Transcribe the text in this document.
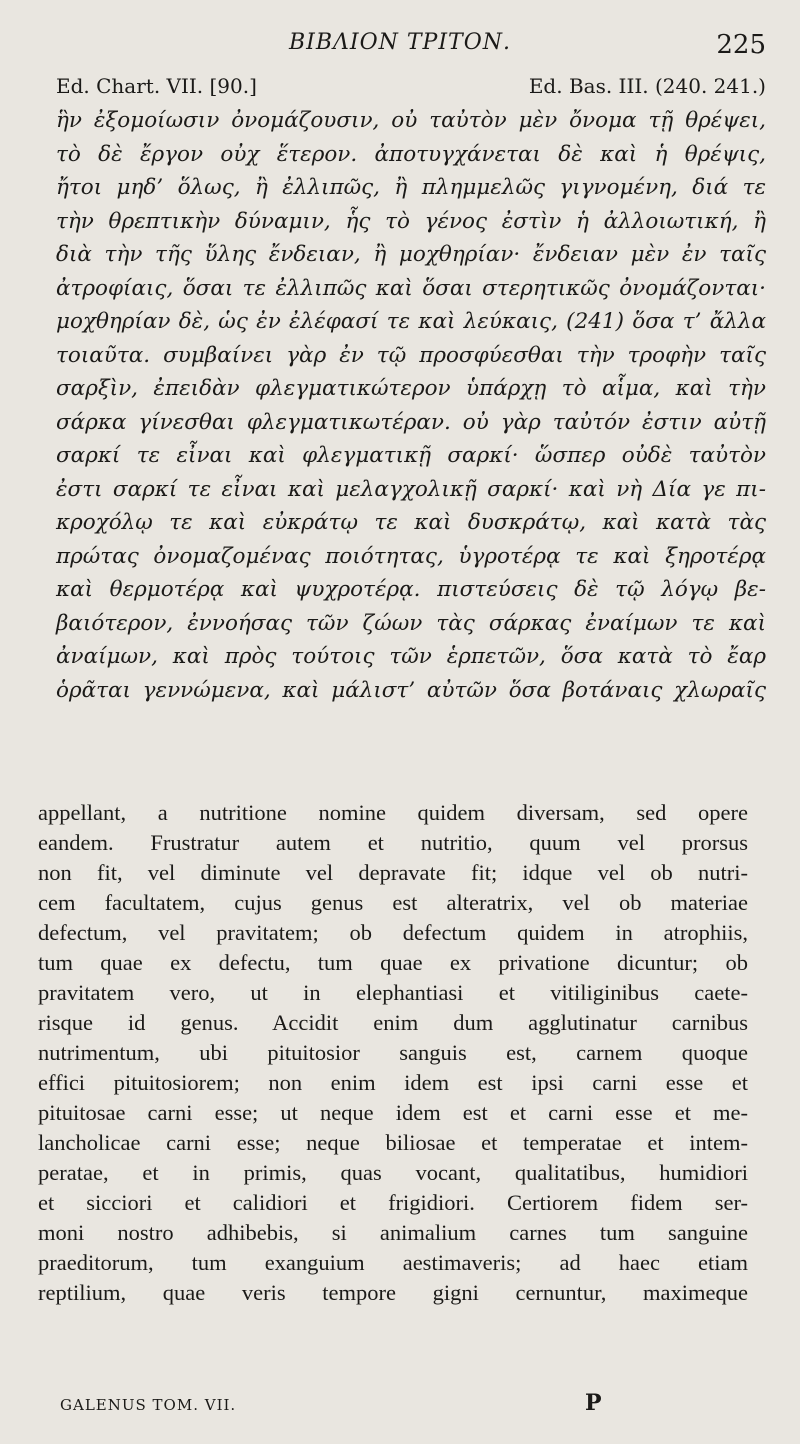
ΒΙΒΛΙΟΝ ΤΡΙΤΟΝ.	225
Ed. Chart. VII. [90.]	Ed. Bas. III. (240. 241.)
ἣν ἐξομοίωσιν ὀνομάζουσιν, οὐ ταὐτὸν μὲν ὄνομα τῇ θρέψει,
τὸ δὲ ἔργον οὐχ ἕτερον. ἀποτυγχάνεται δὲ καὶ ἡ θρέψις,
ἤτοι μηδ’ ὅλως, ἢ ἐλλιπῶς, ἢ πλημμελῶς γιγνομένη, διά τε
τὴν θρεπτικὴν δύναμιν, ἧς τὸ γένος ἐστὶν ἡ ἀλλοιωτική, ἢ
διὰ τὴν τῆς ὕλης ἔνδειαν, ἢ μοχθηρίαν· ἔνδειαν μὲν ἐν ταῖς
ἀτροφίαις, ὅσαι τε ἐλλιπῶς καὶ ὅσαι στερητικῶς ὀνομάζονται·
μοχθηρίαν δὲ, ὡς ἐν ἐλέφασί τε καὶ λεύκαις, (241) ὅσα τ’ ἄλλα
τοιαῦτα. συμβαίνει γὰρ ἐν τῷ προσφύεσθαι τὴν τροφὴν ταῖς
σαρξὶν, ἐπειδὰν φλεγματικώτερον ὑπάρχῃ τὸ αἷμα, καὶ τὴν
σάρκα γίνεσθαι φλεγματικωτέραν. οὐ γὰρ ταὐτόν ἐστιν αὐτῇ
σαρκί τε εἶναι καὶ φλεγματικῇ σαρκί· ὥσπερ οὐδὲ ταὐτὸν
ἐστι σαρκί τε εἶναι καὶ μελαγχολικῇ σαρκί· καὶ νὴ Δία γε πι-
κροχόλῳ τε καὶ εὐκράτῳ τε καὶ δυσκράτῳ, καὶ κατὰ τὰς
πρώτας ὀνομαζομένας ποιότητας, ὑγροτέρᾳ τε καὶ ξηροτέρᾳ
καὶ θερμοτέρᾳ καὶ ψυχροτέρᾳ. πιστεύσεις δὲ τῷ λόγῳ βε-
βαιότερον, ἐννοήσας τῶν ζώων τὰς σάρκας ἐναίμων τε καὶ
ἀναίμων, καὶ πρὸς τούτοις τῶν ἑρπετῶν, ὅσα κατὰ τὸ ἔαρ
ὁρᾶται γεννώμενα, καὶ μάλιστ’ αὐτῶν ὅσα βοτάναις χλωραῖς
appellant, a nutritione nomine quidem diversam, sed opere
eandem. Frustratur autem et nutritio, quum vel prorsus
non fit, vel diminute vel depravate fit; idque vel ob nutri-
cem facultatem, cujus genus est alteratrix, vel ob materiae
defectum, vel pravitatem; ob defectum quidem in atrophiis,
tum quae ex defectu, tum quae ex privatione dicuntur; ob
pravitatem vero, ut in elephantiasi et vitiliginibus caete-
risque id genus. Accidit enim dum agglutinatur carnibus
nutrimentum, ubi pituitosior sanguis est, carnem quoque
effici pituitosiorem; non enim idem est ipsi carni esse et
pituitosae carni esse; ut neque idem est et carni esse et me-
lancholicae carni esse; neque biliosae et temperatae et intem-
peratae, et in primis, quas vocant, qualitatibus, humidiori
et sicciori et calidiori et frigidiori. Certiorem fidem ser-
moni nostro adhibebis, si animalium carnes tum sanguine
praeditorum, tum exanguium aestimaveris; ad haec etiam
reptilium, quae veris tempore gigni cernuntur, maximeque
GALENUS TOM. VII.	P
